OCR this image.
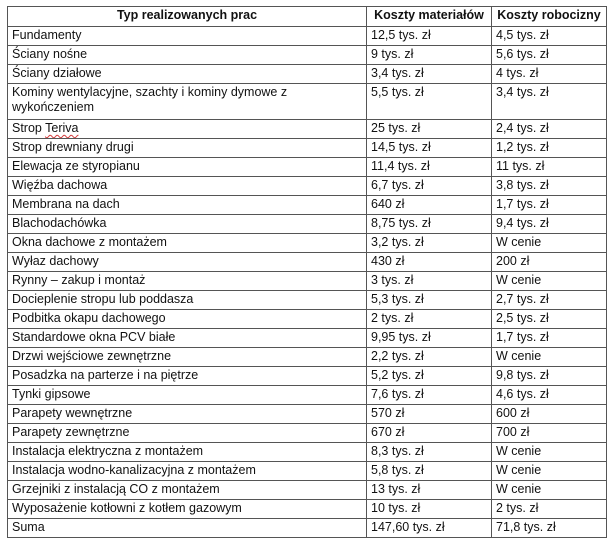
Typ realizowanych prac	Koszty materiałów	Koszty robocizny
Fundamenty	12,5 tys. zł	4,5 tys. zł
Ściany nośne	9 tys. zł	5,6 tys. zł
Ściany działowe	3,4 tys. zł	4 tys. zł
Kominy wentylacyjne, szachty i kominy dymowe z wykończeniem	5,5 tys. zł	3,4 tys. zł
Strop Teriva	25 tys. zł	2,4 tys. zł
Strop drewniany drugi	14,5 tys. zł	1,2 tys. zł
Elewacja ze styropianu	11,4 tys. zł	11 tys. zł
Więźba dachowa	6,7 tys. zł	3,8 tys. zł
Membrana na dach	640 zł	1,7 tys. zł
Blachodachówka	8,75 tys. zł	9,4 tys. zł
Okna dachowe z montażem	3,2 tys. zł	W cenie
Wyłaz dachowy	430 zł	200 zł
Rynny – zakup i montaż	3 tys. zł	W cenie
Docieplenie stropu lub poddasza	5,3 tys. zł	2,7 tys. zł
Podbitka okapu dachowego	2 tys. zł	2,5 tys. zł
Standardowe okna PCV białe	9,95 tys. zł	1,7 tys. zł
Drzwi wejściowe zewnętrzne	2,2 tys. zł	W cenie
Posadzka na parterze i na piętrze	5,2 tys. zł	9,8 tys. zł
Tynki gipsowe	7,6 tys. zł	4,6 tys. zł
Parapety wewnętrzne	570 zł	600 zł
Parapety zewnętrzne	670 zł	700 zł
Instalacja elektryczna z montażem	8,3 tys. zł	W cenie
Instalacja wodno-kanalizacyjna z montażem	5,8 tys. zł	W cenie
Grzejniki z instalacją CO z montażem	13 tys. zł	W cenie
Wyposażenie kotłowni z kotłem gazowym	10 tys. zł	2 tys. zł
Suma	147,60 tys. zł	71,8 tys. zł
